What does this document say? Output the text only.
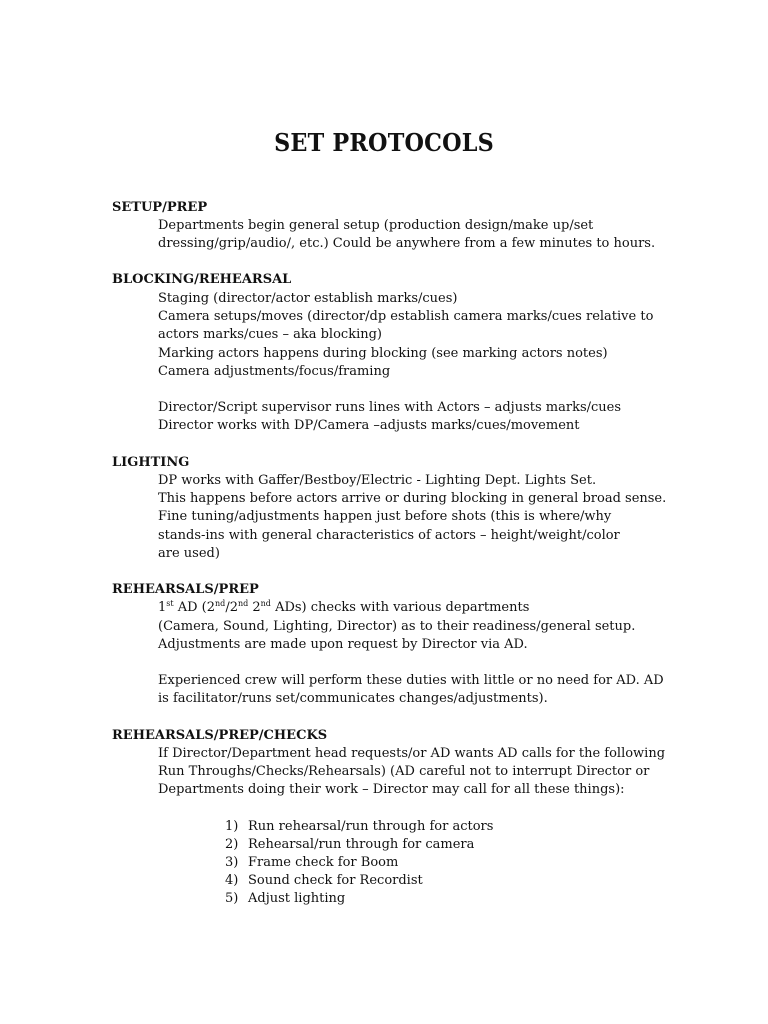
SET PROTOCOLS
SETUP/PREP
Departments begin general setup (production design/make up/set
dressing/grip/audio/, etc.) Could be anywhere from a few minutes to hours.
BLOCKING/REHEARSAL
Staging (director/actor establish marks/cues)
Camera setups/moves (director/dp establish camera marks/cues relative to
actors marks/cues – aka blocking)
Marking actors happens during blocking (see marking actors notes)
Camera adjustments/focus/framing
Director/Script supervisor runs lines with Actors – adjusts marks/cues
Director works with DP/Camera –adjusts marks/cues/movement
LIGHTING
DP works with Gaffer/Bestboy/Electric - Lighting Dept. Lights Set.
This happens before actors arrive or during blocking in general broad sense.
Fine tuning/adjustments happen just before shots (this is where/why
stands-ins with general characteristics of actors – height/weight/color
are used)
REHEARSALS/PREP
1st AD (2nd/2nd 2nd ADs) checks with various departments
(Camera, Sound, Lighting, Director) as to their readiness/general setup.
Adjustments are made upon request by Director via AD.
Experienced crew will perform these duties with little or no need for AD. AD
is facilitator/runs set/communicates changes/adjustments).
REHEARSALS/PREP/CHECKS
If Director/Department head requests/or AD wants AD calls for the following
Run Throughs/Checks/Rehearsals) (AD careful not to interrupt Director or
Departments doing their work – Director may call for all these things):
1) Run rehearsal/run through for actors
2) Rehearsal/run through for camera
3) Frame check for Boom
4) Sound check for Recordist
5) Adjust lighting
